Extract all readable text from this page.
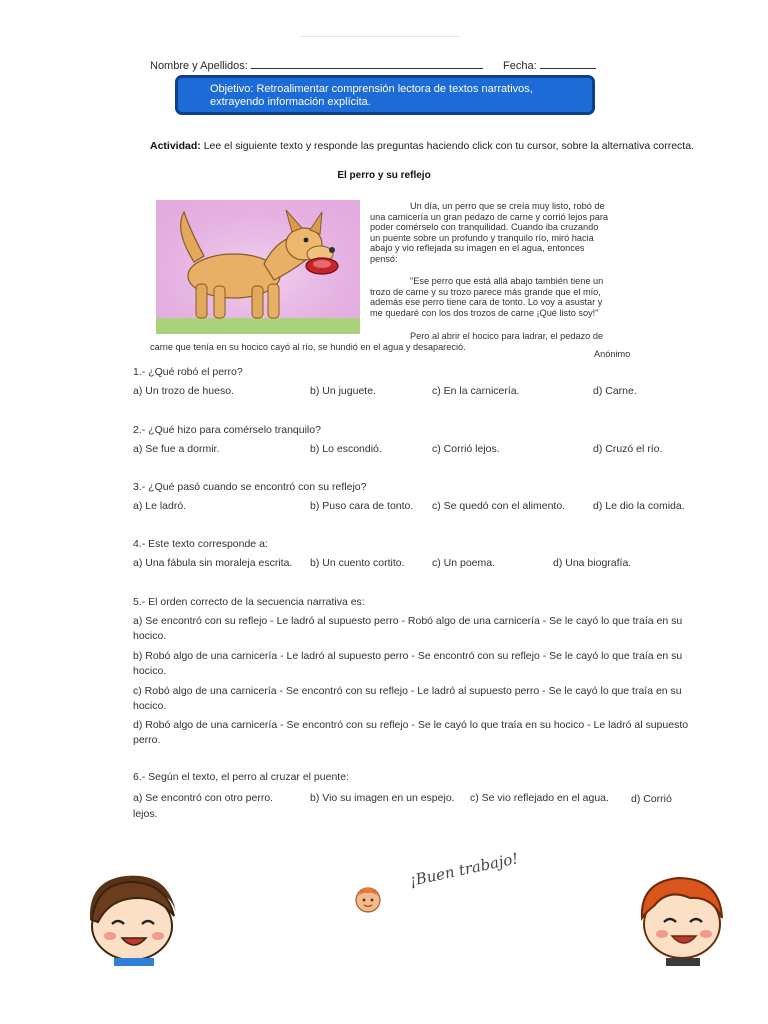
Nombre y Apellidos:	Fecha:
Objetivo: Retroalimentar comprensión lectora de textos narrativos,
extrayendo información explícita.
Actividad: Lee el siguiente texto y responde las preguntas haciendo click con tu cursor, sobre la alternativa correcta.
El perro y su reflejo
Un día, un perro que se creía muy listo, robó de
una carnicería un gran pedazo de carne y corrió lejos para
poder comérselo con tranquilidad. Cuando iba cruzando
un puente sobre un profundo y tranquilo río, miró hacia
abajo y vio reflejada su imagen en el agua, entonces
pensó:
"Ese perro que está allá abajo también tiene un
trozo de carne y su trozo parece más grande que el mío,
además ese perro tiene cara de tonto. Lo voy a asustar y
me quedaré con los dos trozos de carne ¡Qué listo soy!"
Pero al abrir el hocico para ladrar, el pedazo de
carne que tenía en su hocico cayó al río, se hundió en el agua y desapareció.
Anónimo
1.- ¿Qué robó el perro?
a) Un trozo de hueso.	b) Un juguete.	c) En la carnicería.	d) Carne.
2.- ¿Qué hizo para comérselo tranquilo?
a) Se fue a dormir.	b) Lo escondió.	c) Corrió lejos.	d) Cruzó el río.
3.- ¿Qué pasó cuando se encontró con su reflejo?
a) Le ladró.	b) Puso cara de tonto. c) Se quedó con el alimento.	d) Le dio la comida.
4.- Este texto corresponde a:
a) Una fábula sin moraleja escrita. b) Un cuento cortito.	c) Un poema.	d) Una biografía.
5.- El orden correcto de la secuencia narrativa es:
a) Se encontró con su reflejo - Le ladró al supuesto perro - Robó algo de una carnicería - Se le cayó lo que traía en su hocico.
b) Robó algo de una carnicería - Le ladró al supuesto perro - Se encontró con su reflejo - Se le cayó lo que traía en su hocico.
c) Robó algo de una carnicería - Se encontró con su reflejo - Le ladró al supuesto perro - Se le cayó lo que traía en su hocico.
d) Robó algo de una carnicería - Se encontró con su reflejo - Se le cayó lo que traía en su hocico - Le ladró al supuesto perro.
6.- Según el texto, el perro al cruzar el puente:
a) Se encontró con otro perro.	b) Vio su imagen en un espejo. c) Se vio reflejado en el agua.	d) Corrió lejos.
¡Buen trabajo!
